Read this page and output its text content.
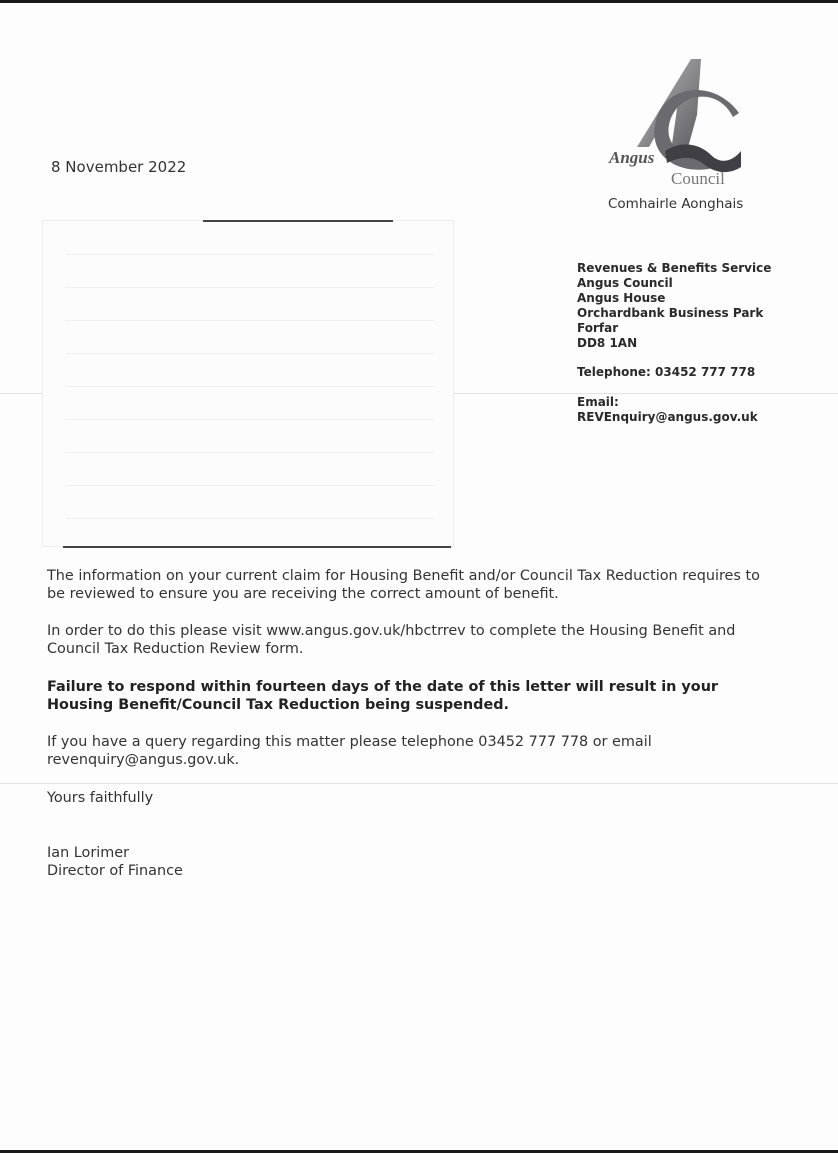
8 November 2022	Angus
Council
Comhairle Aonghais
Revenues & Benefits Service
Angus Council
Angus House
Orchardbank Business Park
Forfar
DD8 1AN
Telephone: 03452 777 778
Email:
REVEnquiry@angus.gov.uk
The information on your current claim for Housing Benefit and/or Council Tax Reduction requires to be reviewed to ensure you are receiving the correct amount of benefit.
In order to do this please visit www.angus.gov.uk/hbctrrev to complete the Housing Benefit and Council Tax Reduction Review form.
Failure to respond within fourteen days of the date of this letter will result in your Housing Benefit/Council Tax Reduction being suspended.
If you have a query regarding this matter please telephone 03452 777 778 or email revenquiry@angus.gov.uk.
Yours faithfully
Ian Lorimer
Director of Finance
